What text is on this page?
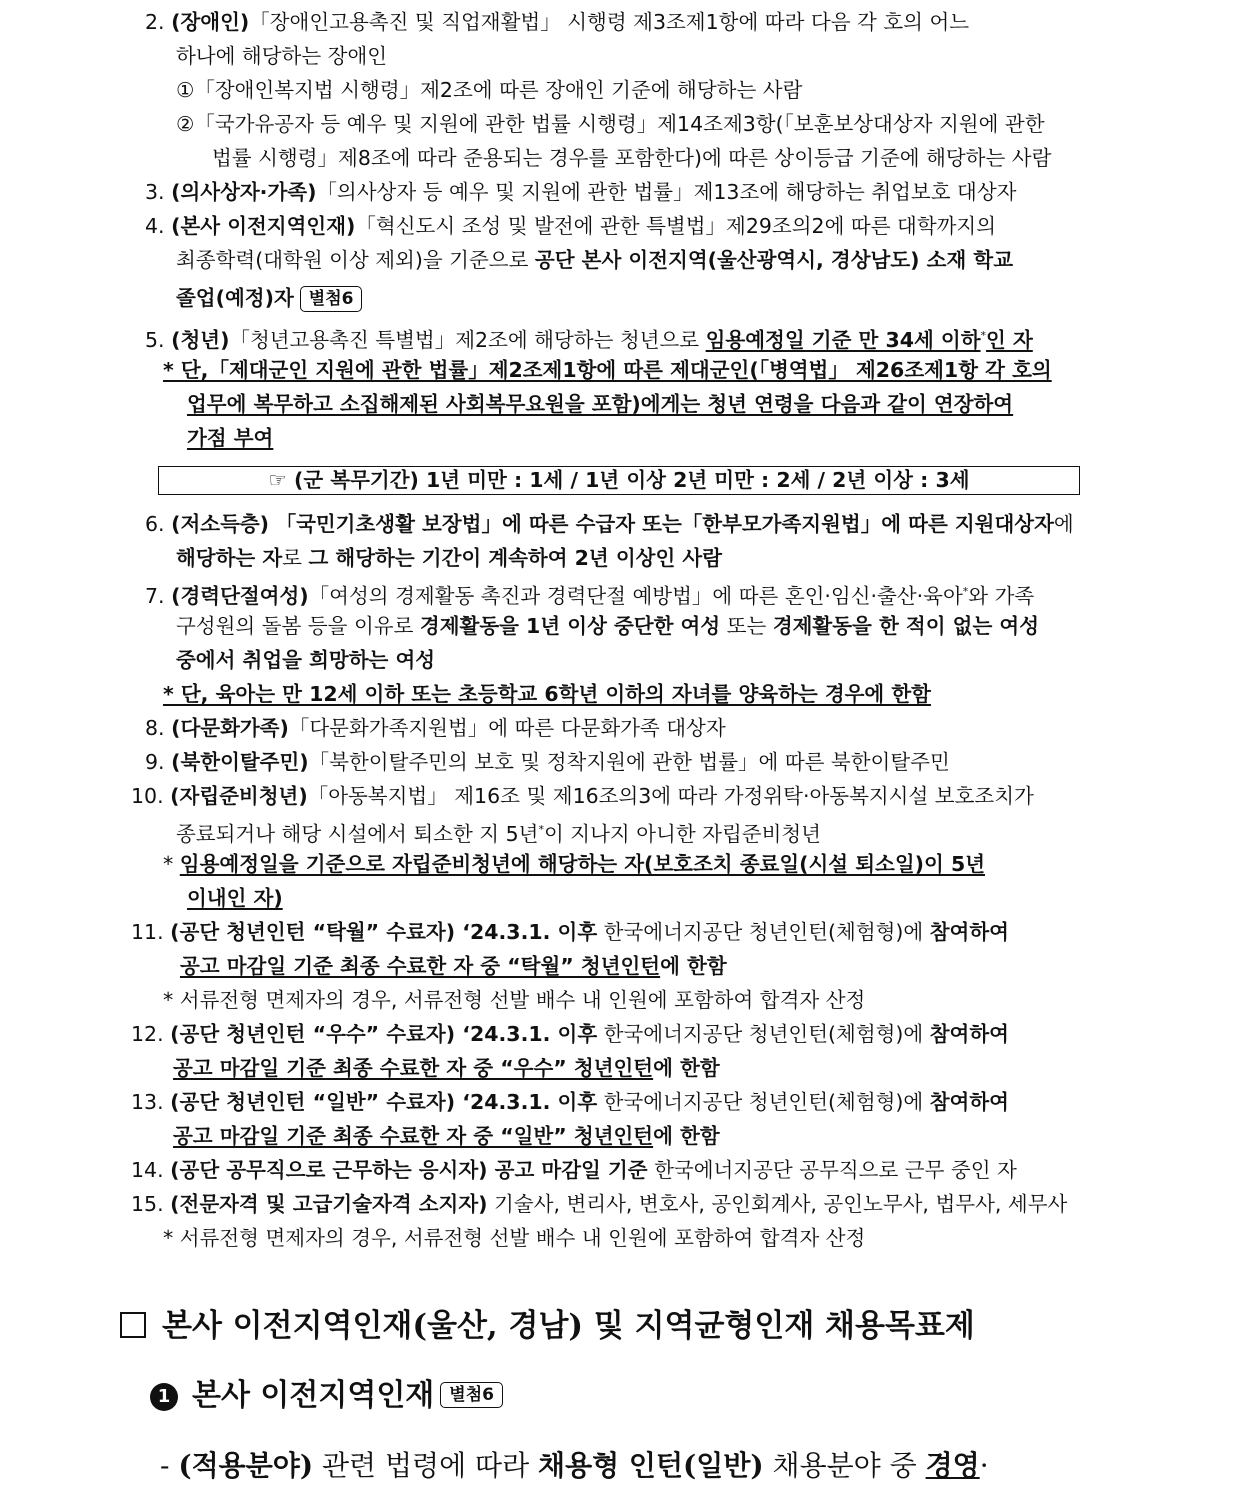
2. (장애인)「장애인고용촉진 및 직업재활법」 시행령 제3조제1항에 따라 다음 각 호의 어느
하나에 해당하는 장애인
①「장애인복지법 시행령」제2조에 따른 장애인 기준에 해당하는 사람
②「국가유공자 등 예우 및 지원에 관한 법률 시행령」제14조제3항(「보훈보상대상자 지원에 관한
법률 시행령」제8조에 따라 준용되는 경우를 포함한다)에 따른 상이등급 기준에 해당하는 사람
3. (의사상자·가족)「의사상자 등 예우 및 지원에 관한 법률」제13조에 해당하는 취업보호 대상자
4. (본사 이전지역인재)「혁신도시 조성 및 발전에 관한 특별법」제29조의2에 따른 대학까지의
최종학력(대학원 이상 제외)을 기준으로 공단 본사 이전지역(울산광역시, 경상남도) 소재 학교
졸업(예정)자 별첨6
5. (청년)「청년고용촉진 특별법」제2조에 해당하는 청년으로 임용예정일 기준 만 34세 이하*인 자
* 단,「제대군인 지원에 관한 법률」제2조제1항에 따른 제대군인(「병역법」 제26조제1항 각 호의
업무에 복무하고 소집해제된 사회복무요원을 포함)에게는 청년 연령을 다음과 같이 연장하여
가점 부여
☞ (군 복무기간) 1년 미만 : 1세 / 1년 이상 2년 미만 : 2세 / 2년 이상 : 3세
6. (저소득층) 「국민기초생활 보장법」에 따른 수급자 또는「한부모가족지원법」에 따른 지원대상자에
해당하는 자로 그 해당하는 기간이 계속하여 2년 이상인 사람
7. (경력단절여성)「여성의 경제활동 촉진과 경력단절 예방법」에 따른 혼인·임신·출산·육아*와 가족
구성원의 돌봄 등을 이유로 경제활동을 1년 이상 중단한 여성 또는 경제활동을 한 적이 없는 여성
중에서 취업을 희망하는 여성
* 단, 육아는 만 12세 이하 또는 초등학교 6학년 이하의 자녀를 양육하는 경우에 한함
8. (다문화가족)「다문화가족지원법」에 따른 다문화가족 대상자
9. (북한이탈주민)「북한이탈주민의 보호 및 정착지원에 관한 법률」에 따른 북한이탈주민
10. (자립준비청년)「아동복지법」 제16조 및 제16조의3에 따라 가정위탁·아동복지시설 보호조치가
종료되거나 해당 시설에서 퇴소한 지 5년*이 지나지 아니한 자립준비청년
* 임용예정일을 기준으로 자립준비청년에 해당하는 자(보호조치 종료일(시설 퇴소일)이 5년
이내인 자)
11. (공단 청년인턴 “탁월” 수료자) ‘24.3.1. 이후 한국에너지공단 청년인턴(체험형)에 참여하여
공고 마감일 기준 최종 수료한 자 중 “탁월” 청년인턴에 한함
* 서류전형 면제자의 경우, 서류전형 선발 배수 내 인원에 포함하여 합격자 산정
12. (공단 청년인턴 “우수” 수료자) ‘24.3.1. 이후 한국에너지공단 청년인턴(체험형)에 참여하여
공고 마감일 기준 최종 수료한 자 중 “우수” 청년인턴에 한함
13. (공단 청년인턴 “일반” 수료자) ‘24.3.1. 이후 한국에너지공단 청년인턴(체험형)에 참여하여
공고 마감일 기준 최종 수료한 자 중 “일반” 청년인턴에 한함
14. (공단 공무직으로 근무하는 응시자) 공고 마감일 기준 한국에너지공단 공무직으로 근무 중인 자
15. (전문자격 및 고급기술자격 소지자) 기술사, 변리사, 변호사, 공인회계사, 공인노무사, 법무사, 세무사
* 서류전형 면제자의 경우, 서류전형 선발 배수 내 인원에 포함하여 합격자 산정
본사 이전지역인재(울산, 경남) 및 지역균형인재 채용목표제
1 본사 이전지역인재 별첨6
- (적용분야) 관련 법령에 따라 채용형 인턴(일반) 채용분야 중 경영·
